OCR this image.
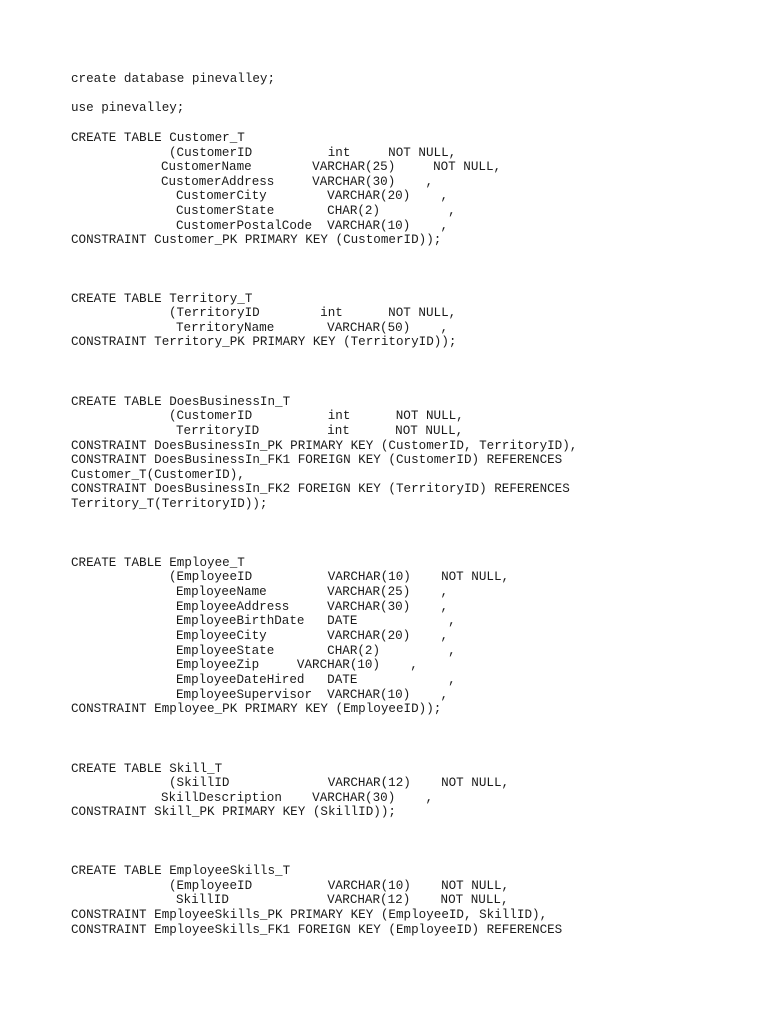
create database pinevalley;
use pinevalley;
CREATE TABLE Customer_T
(CustomerID          int     NOT NULL,
CustomerName        VARCHAR(25)     NOT NULL,
CustomerAddress     VARCHAR(30)    ,
CustomerCity        VARCHAR(20)    ,
CustomerState       CHAR(2)         ,
CustomerPostalCode  VARCHAR(10)    ,
CONSTRAINT Customer_PK PRIMARY KEY (CustomerID));
CREATE TABLE Territory_T
(TerritoryID        int      NOT NULL,
TerritoryName       VARCHAR(50)    ,
CONSTRAINT Territory_PK PRIMARY KEY (TerritoryID));
CREATE TABLE DoesBusinessIn_T
(CustomerID          int      NOT NULL,
TerritoryID         int      NOT NULL,
CONSTRAINT DoesBusinessIn_PK PRIMARY KEY (CustomerID, TerritoryID),
CONSTRAINT DoesBusinessIn_FK1 FOREIGN KEY (CustomerID) REFERENCES
Customer_T(CustomerID),
CONSTRAINT DoesBusinessIn_FK2 FOREIGN KEY (TerritoryID) REFERENCES
Territory_T(TerritoryID));
CREATE TABLE Employee_T
(EmployeeID          VARCHAR(10)    NOT NULL,
EmployeeName        VARCHAR(25)    ,
EmployeeAddress     VARCHAR(30)    ,
EmployeeBirthDate   DATE            ,
EmployeeCity        VARCHAR(20)    ,
EmployeeState       CHAR(2)         ,
EmployeeZip     VARCHAR(10)    ,
EmployeeDateHired   DATE            ,
EmployeeSupervisor  VARCHAR(10)    ,
CONSTRAINT Employee_PK PRIMARY KEY (EmployeeID));
CREATE TABLE Skill_T
(SkillID             VARCHAR(12)    NOT NULL,
SkillDescription    VARCHAR(30)    ,
CONSTRAINT Skill_PK PRIMARY KEY (SkillID));
CREATE TABLE EmployeeSkills_T
(EmployeeID          VARCHAR(10)    NOT NULL,
SkillID             VARCHAR(12)    NOT NULL,
CONSTRAINT EmployeeSkills_PK PRIMARY KEY (EmployeeID, SkillID),
CONSTRAINT EmployeeSkills_FK1 FOREIGN KEY (EmployeeID) REFERENCES
